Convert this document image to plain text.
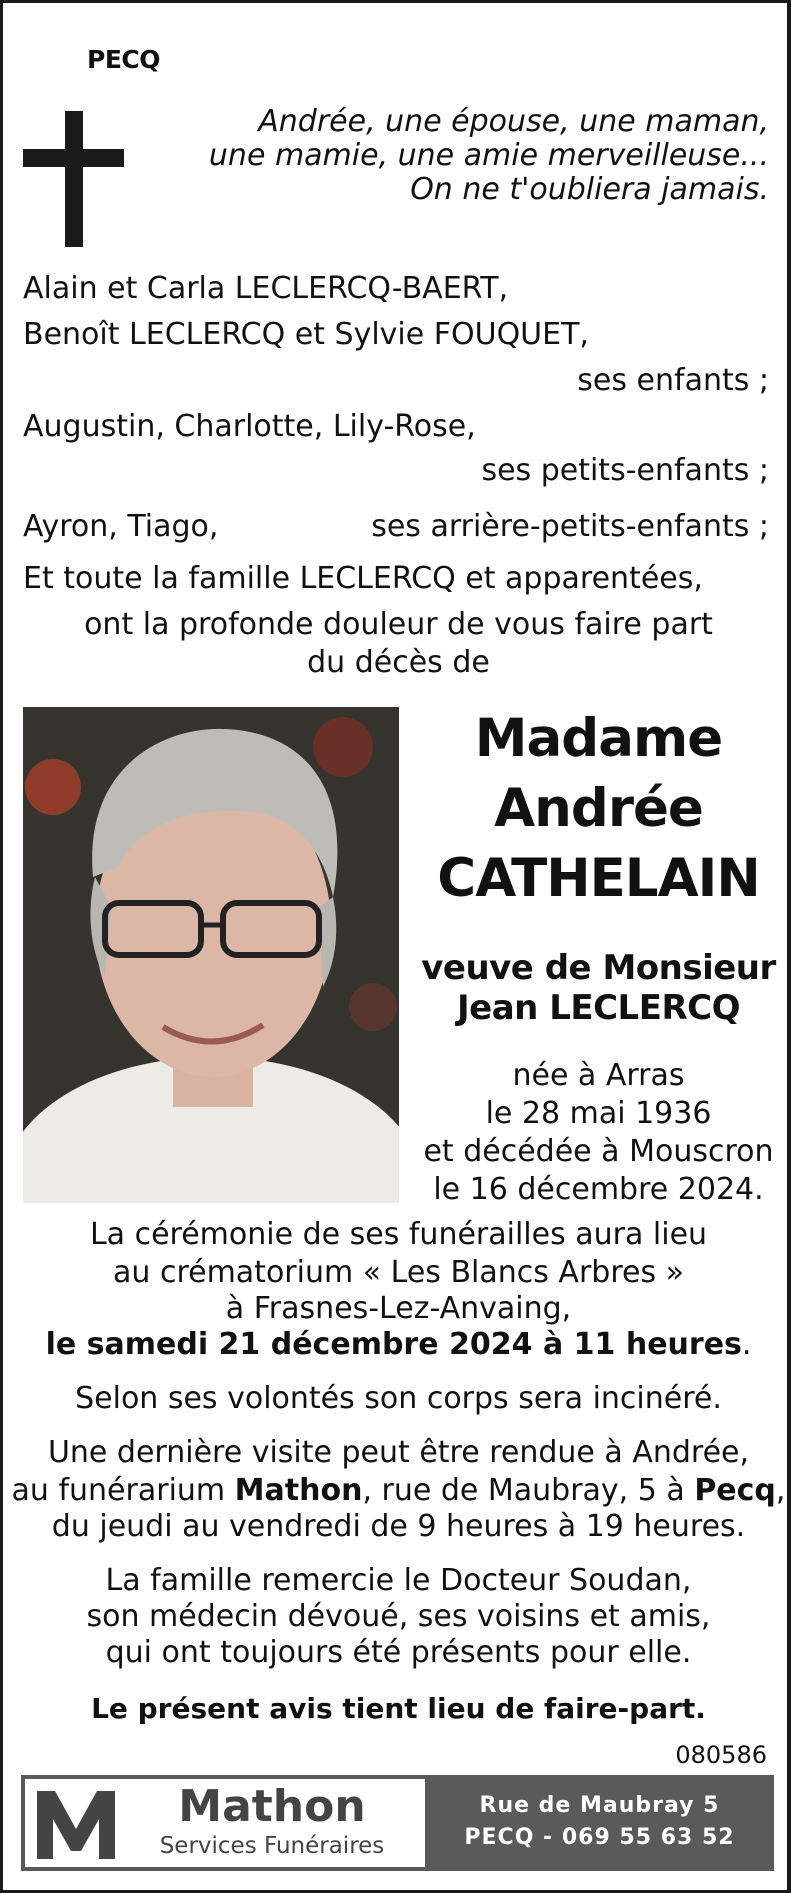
PECQ
Andrée, une épouse, une maman,
une mamie, une amie merveilleuse...
On ne t'oubliera jamais.
Alain et Carla LECLERCQ-BAERT,
Benoît LECLERCQ et Sylvie FOUQUET,
ses enfants ;
Augustin, Charlotte, Lily-Rose,
ses petits-enfants ;
Ayron, Tiago,	ses arrière-petits-enfants ;
Et toute la famille LECLERCQ et apparentées,
ont la profonde douleur de vous faire part
du décès de
Madame
Andrée
CATHELAIN
veuve de Monsieur
Jean LECLERCQ
née à Arras
le 28 mai 1936
et décédée à Mouscron
le 16 décembre 2024.
La cérémonie de ses funérailles aura lieu
au crématorium « Les Blancs Arbres »
à Frasnes-Lez-Anvaing,
le samedi 21 décembre 2024 à 11 heures.
Selon ses volontés son corps sera incinéré.
Une dernière visite peut être rendue à Andrée,
au funérarium Mathon, rue de Maubray, 5 à Pecq,
du jeudi au vendredi de 9 heures à 19 heures.
La famille remercie le Docteur Soudan,
son médecin dévoué, ses voisins et amis,
qui ont toujours été présents pour elle.
Le présent avis tient lieu de faire-part.
080586
Mathon
Services Funéraires
Rue de Maubray 5
PECQ - 069 55 63 52
